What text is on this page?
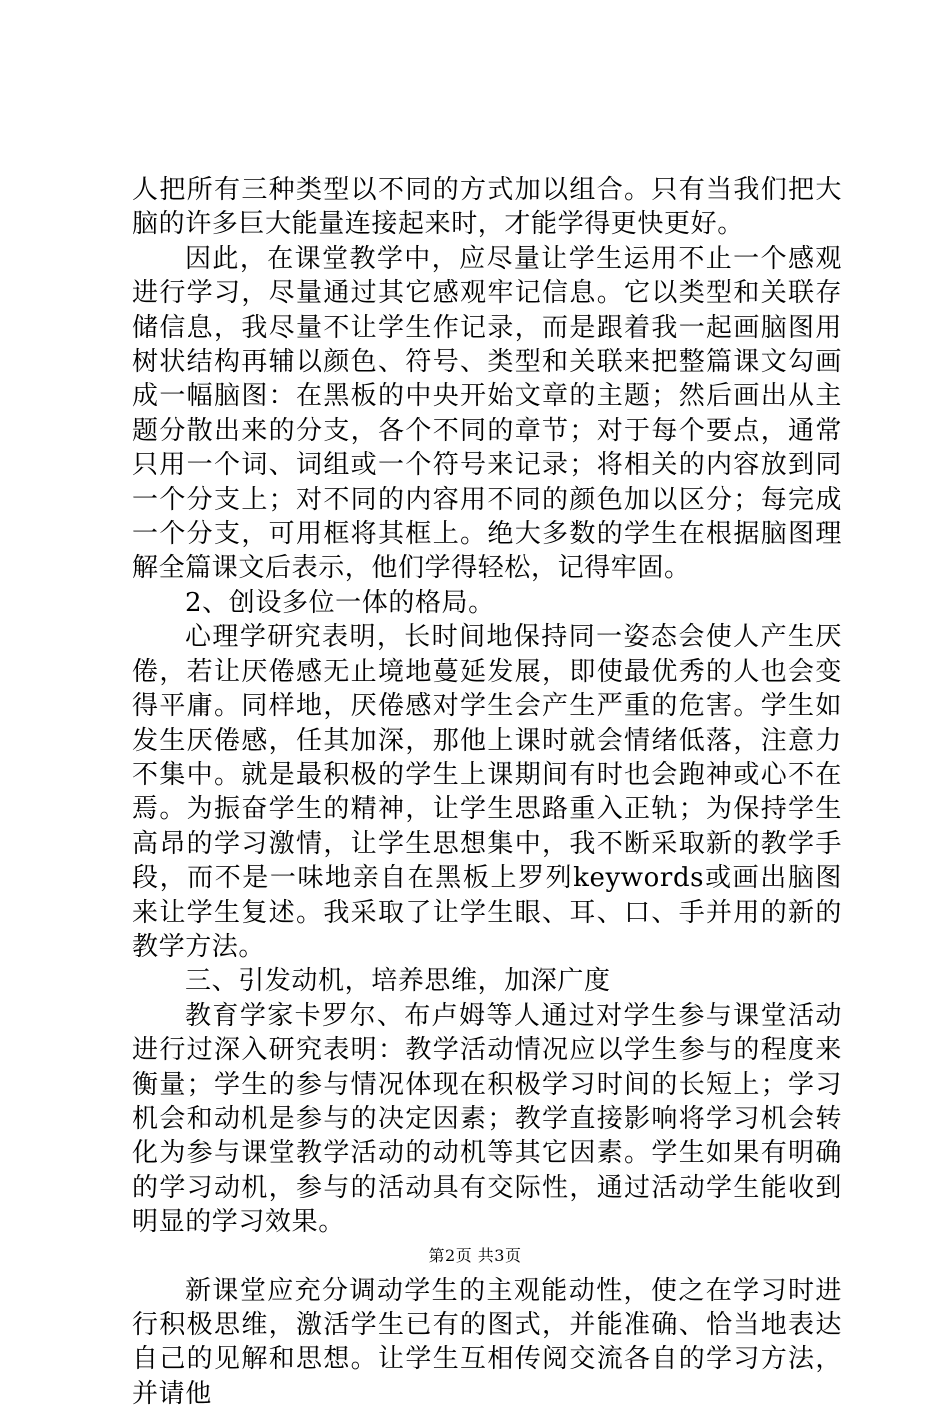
人把所有三种类型以不同的方式加以组合。只有当我们把大脑的许多巨大能量连接起来时，才能学得更快更好。

因此，在课堂教学中，应尽量让学生运用不止一个感观进行学习，尽量通过其它感观牢记信息。它以类型和关联存储信息，我尽量不让学生作记录，而是跟着我一起画脑图用树状结构再辅以颜色、符号、类型和关联来把整篇课文勾画成一幅脑图：在黑板的中央开始文章的主题；然后画出从主题分散出来的分支，各个不同的章节；对于每个要点，通常只用一个词、词组或一个符号来记录；将相关的内容放到同一个分支上；对不同的内容用不同的颜色加以区分；每完成一个分支，可用框将其框上。绝大多数的学生在根据脑图理解全篇课文后表示，他们学得轻松，记得牢固。

2、创设多位一体的格局。

心理学研究表明，长时间地保持同一姿态会使人产生厌倦，若让厌倦感无止境地蔓延发展，即使最优秀的人也会变得平庸。同样地，厌倦感对学生会产生严重的危害。学生如发生厌倦感，任其加深，那他上课时就会情绪低落，注意力不集中。就是最积极的学生上课期间有时也会跑神或心不在焉。为振奋学生的精神，让学生思路重入正轨；为保持学生高昂的学习激情，让学生思想集中，我不断采取新的教学手段，而不是一味地亲自在黑板上罗列keywords或画出脑图来让学生复述。我采取了让学生眼、耳、口、手并用的新的教学方法。

三、引发动机，培养思维，加深广度

教育学家卡罗尔、布卢姆等人通过对学生参与课堂活动进行过深入研究表明：教学活动情况应以学生参与的程度来衡量；学生的参与情况体现在积极学习时间的长短上；学习机会和动机是参与的决定因素；教学直接影响将学习机会转化为参与课堂教学活动的动机等其它因素。学生如果有明确的学习动机，参与的活动具有交际性，通过活动学生能收到明显的学习效果。

新课堂应充分调动学生的主观能动性，使之在学习时进行积极思维，激活学生已有的图式，并能准确、恰当地表达自己的见解和思想。让学生互相传阅交流各自的学习方法，并请他

第2页 共3页
